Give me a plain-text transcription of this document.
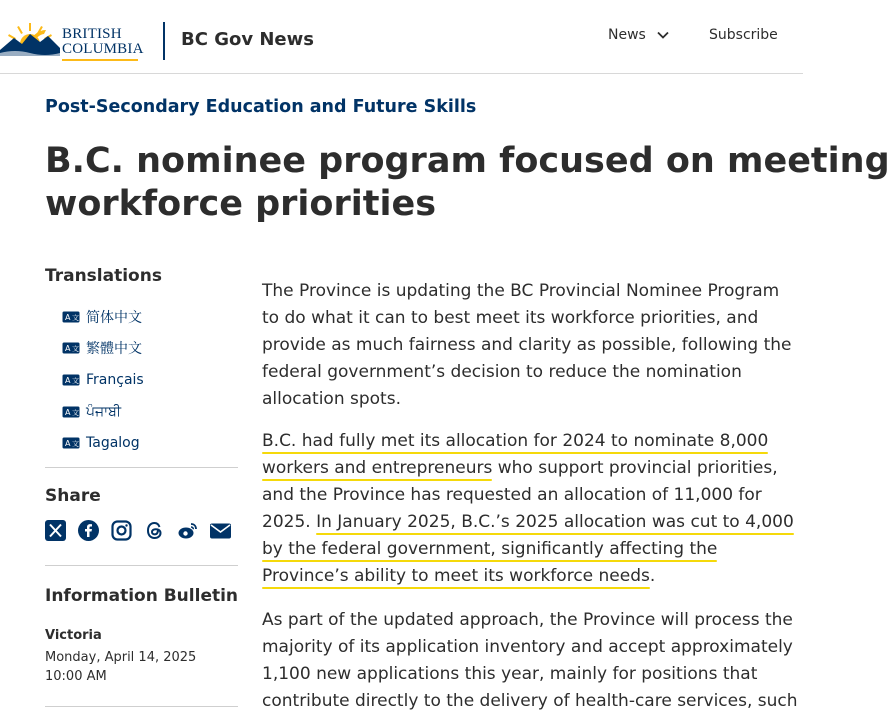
BRITISH
COLUMBIA BC Gov News	News	Subscribe
Post-Secondary Education and Future Skills
B.C. nominee program focused on meeting
workforce priorities
Translations
A 文 简体中文
A 文 繁體中文
A 文 Français
A 文 ਪੰਜਾਬੀ
A 文 Tagalog
Share
Information Bulletin
Victoria
Monday, April 14, 2025 10:00 AM

The Province is updating the BC Provincial Nominee Program
to do what it can to best meet its workforce priorities, and
provide as much fairness and clarity as possible, following the
federal government’s decision to reduce the nomination
allocation spots.

B.C. had fully met its allocation for 2024 to nominate 8,000
workers and entrepreneurs who support provincial priorities,
and the Province has requested an allocation of 11,000 for
2025. In January 2025, B.C.’s 2025 allocation was cut to 4,000
by the federal government, significantly affecting the
Province’s ability to meet its workforce needs.

As part of the updated approach, the Province will process the
majority of its application inventory and accept approximately
1,100 new applications this year, mainly for positions that
contribute directly to the delivery of health-care services, such
